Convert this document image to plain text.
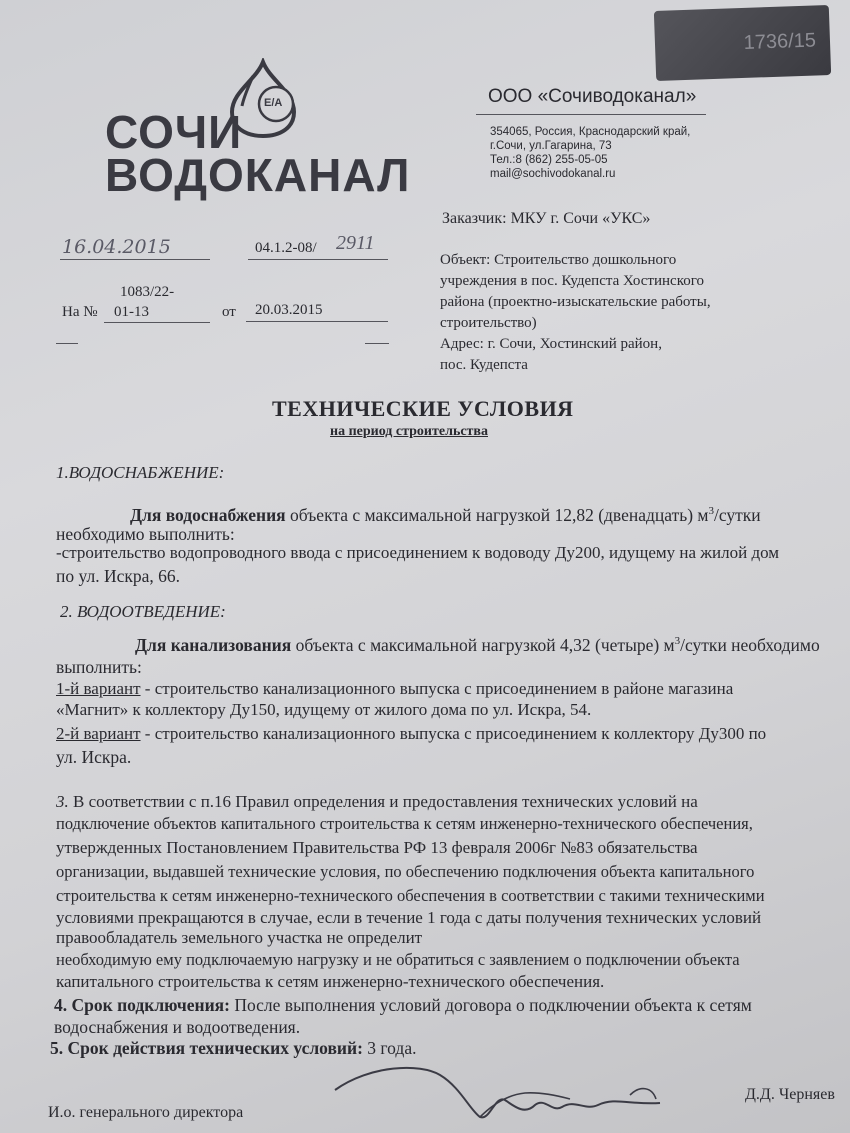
1736/15
Е/А
СОЧИ
ВОДОКАНАЛ
ООО «Сочиводоканал»
354065, Россия, Краснодарский край,
г.Сочи, ул.Гагарина, 73
Тел.:8 (862) 255-05-05
mail@sochivodokanal.ru
16.04.2015	04.1.2-08/ 2911
1083/22-
На № 01-13	от 20.03.2015
Заказчик: МКУ г. Сочи «УКС»
Объект: Строительство дошкольного
учреждения в пос. Кудепста Хостинского
района (проектно-изыскательские работы,
строительство)
Адрес: г. Сочи, Хостинский район,
пос. Кудепста
ТЕХНИЧЕСКИЕ УСЛОВИЯ
на период строительства
1.ВОДОСНАБЖЕНИЕ:
Для водоснабжения объекта с максимальной нагрузкой 12,82 (двенадцать) $м^3$/сутки
необходимо выполнить:
-строительство водопроводного ввода с присоединением к водоводу Ду200, идущему на жилой дом
по ул. Искра, 66.
2. ВОДООТВЕДЕНИЕ:
Для канализования объекта с максимальной нагрузкой 4,32 (четыре) $м^3$/сутки необходимо
выполнить:
1-й вариант - строительство канализационного выпуска с присоединением в районе магазина
«Магнит» к коллектору Ду150, идущему от жилого дома по ул. Искра, 54.
2-й вариант - строительство канализационного выпуска с присоединением к коллектору Ду300 по
ул. Искра.
3. В соответствии с п.16 Правил определения и предоставления технических условий на
подключение объектов капитального строительства к сетям инженерно-технического обеспечения,
утвержденных Постановлением Правительства РФ 13 февраля 2006г №83 обязательства
организации, выдавшей технические условия, по обеспечению подключения объекта капитального
строительства к сетям инженерно-технического обеспечения в соответствии с такими техническими
условиями прекращаются в случае, если в течение 1 года с даты получения технических условий
правообладатель земельного участка не определит
необходимую ему подключаемую нагрузку и не обратиться с заявлением о подключении объекта
капитального строительства к сетям инженерно-технического обеспечения.
4. Срок подключения: После выполнения условий договора о подключении объекта к сетям
водоснабжения и водоотведения.
5. Срок действия технических условий: 3 года.
И.о. генерального директора
Д.Д. Черняев
